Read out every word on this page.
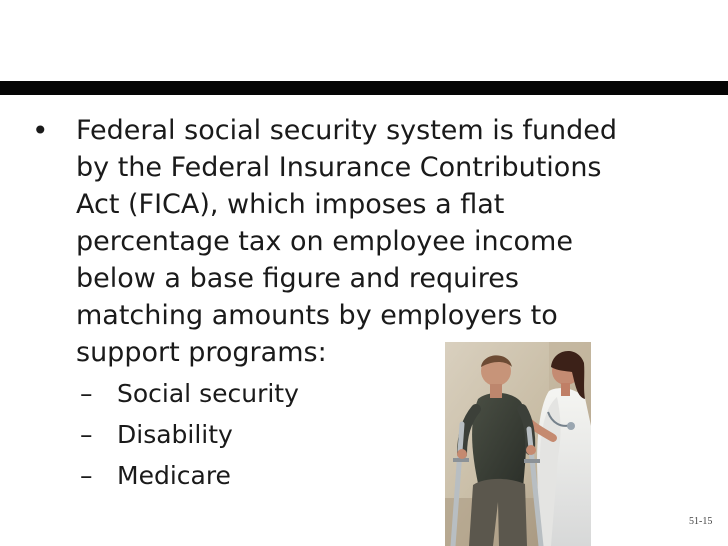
•	Federal social security system is funded
by the Federal Insurance Contributions
Act (FICA), which imposes a flat
percentage tax on employee income
below a base figure and requires
matching amounts by employers to
support programs:
– Social security
– Disability
– Medicare
51-15
